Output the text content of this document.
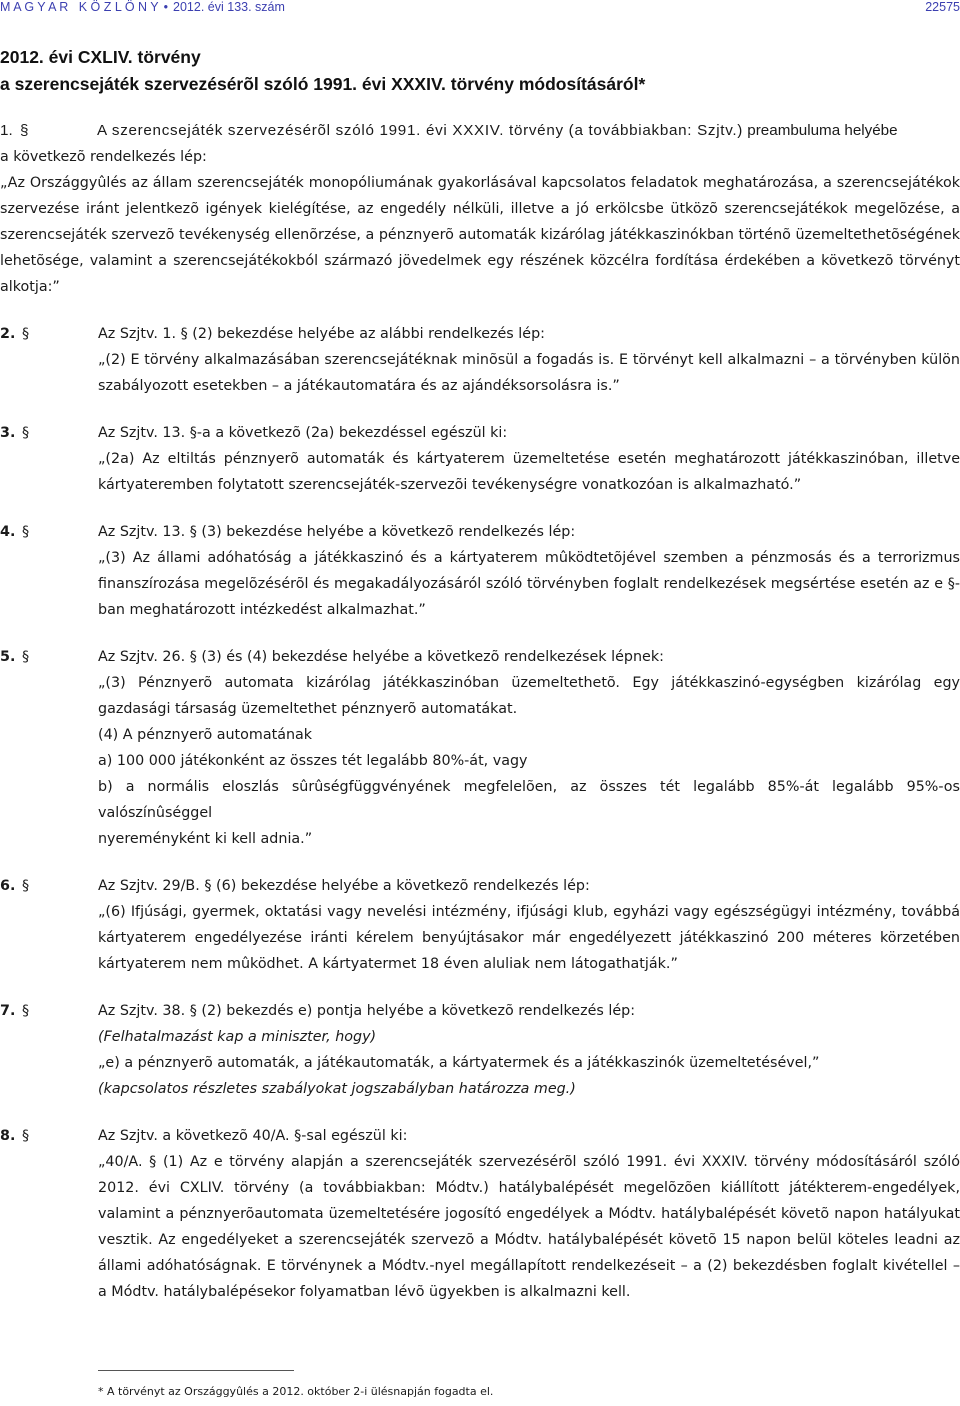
M A G Y A R   K Ö Z L Ö N Y • 2012. évi 133. szám	22575
2012. évi CXLIV. törvény
a szerencsejáték szervezésérõl szóló 1991. évi XXXIV. törvény módosításáról*
1. §	A szerencsejáték szervezésérõl szóló 1991. évi XXXIV. törvény (a továbbiakban: Szjtv.) preambuluma helyébe
a következõ rendelkezés lép:
„Az Országgyûlés az állam szerencsejáték monopóliumának gyakorlásával kapcsolatos feladatok meghatározása, a szerencsejátékok szervezése iránt jelentkezõ igények kielégítése, az engedély nélküli, illetve a jó erkölcsbe ütközõ szerencsejátékok megelõzése, a szerencsejáték szervezõ tevékenység ellenõrzése, a pénznyerõ automaták kizárólag játékkaszinókban történõ üzemeltethetõségének lehetõsége, valamint a szerencsejátékokból származó jövedelmek egy részének közcélra fordítása érdekében a következõ törvényt alkotja:”
2. §	Az Szjtv. 1. § (2) bekezdése helyébe az alábbi rendelkezés lép:
„(2) E törvény alkalmazásában szerencsejátéknak minõsül a fogadás is. E törvényt kell alkalmazni – a törvényben külön szabályozott esetekben – a játékautomatára és az ajándéksorsolásra is.”
3. §	Az Szjtv. 13. §-a a következõ (2a) bekezdéssel egészül ki:
„(2a) Az eltiltás pénznyerõ automaták és kártyaterem üzemeltetése esetén meghatározott játékkaszinóban, illetve kártyateremben folytatott szerencsejáték-szervezõi tevékenységre vonatkozóan is alkalmazható.”
4. §	Az Szjtv. 13. § (3) bekezdése helyébe a következõ rendelkezés lép:
„(3) Az állami adóhatóság a játékkaszinó és a kártyaterem mûködtetõjével szemben a pénzmosás és a terrorizmus finanszírozása megelõzésérõl és megakadályozásáról szóló törvényben foglalt rendelkezések megsértése esetén az e §-ban meghatározott intézkedést alkalmazhat.”
5. §	Az Szjtv. 26. § (3) és (4) bekezdése helyébe a következõ rendelkezések lépnek:
„(3) Pénznyerõ automata kizárólag játékkaszinóban üzemeltethetõ. Egy játékkaszinó-egységben kizárólag egy gazdasági társaság üzemeltethet pénznyerõ automatákat.
(4) A pénznyerõ automatának
a) 100 000 játékonként az összes tét legalább 80%-át, vagy
b) a normális eloszlás sûrûségfüggvényének megfelelõen, az összes tét legalább 85%-át legalább 95%-os valószínûséggel
nyereményként ki kell adnia.”
6. §	Az Szjtv. 29/B. § (6) bekezdése helyébe a következõ rendelkezés lép:
„(6) Ifjúsági, gyermek, oktatási vagy nevelési intézmény, ifjúsági klub, egyházi vagy egészségügyi intézmény, továbbá kártyaterem engedélyezése iránti kérelem benyújtásakor már engedélyezett játékkaszinó 200 méteres körzetében kártyaterem nem mûködhet. A kártyatermet 18 éven aluliak nem látogathatják.”
7. §	Az Szjtv. 38. § (2) bekezdés e) pontja helyébe a következõ rendelkezés lép:
(Felhatalmazást kap a miniszter, hogy)
„e) a pénznyerõ automaták, a játékautomaták, a kártyatermek és a játékkaszinók üzemeltetésével,”
(kapcsolatos részletes szabályokat jogszabályban határozza meg.)
8. §	Az Szjtv. a következõ 40/A. §-sal egészül ki:
„40/A. § (1) Az e törvény alapján a szerencsejáték szervezésérõl szóló 1991. évi XXXIV. törvény módosításáról szóló 2012. évi CXLIV. törvény (a továbbiakban: Módtv.) hatálybalépését megelõzõen kiállított játékterem-engedélyek, valamint a pénznyerõautomata üzemeltetésére jogosító engedélyek a Módtv. hatálybalépését követõ napon hatályukat vesztik. Az engedélyeket a szerencsejáték szervezõ a Módtv. hatálybalépését követõ 15 napon belül köteles leadni az állami adóhatóságnak. E törvénynek a Módtv.-nyel megállapított rendelkezéseit – a (2) bekezdésben foglalt kivétellel – a Módtv. hatálybalépésekor folyamatban lévõ ügyekben is alkalmazni kell.
* A törvényt az Országgyûlés a 2012. október 2-i ülésnapján fogadta el.
